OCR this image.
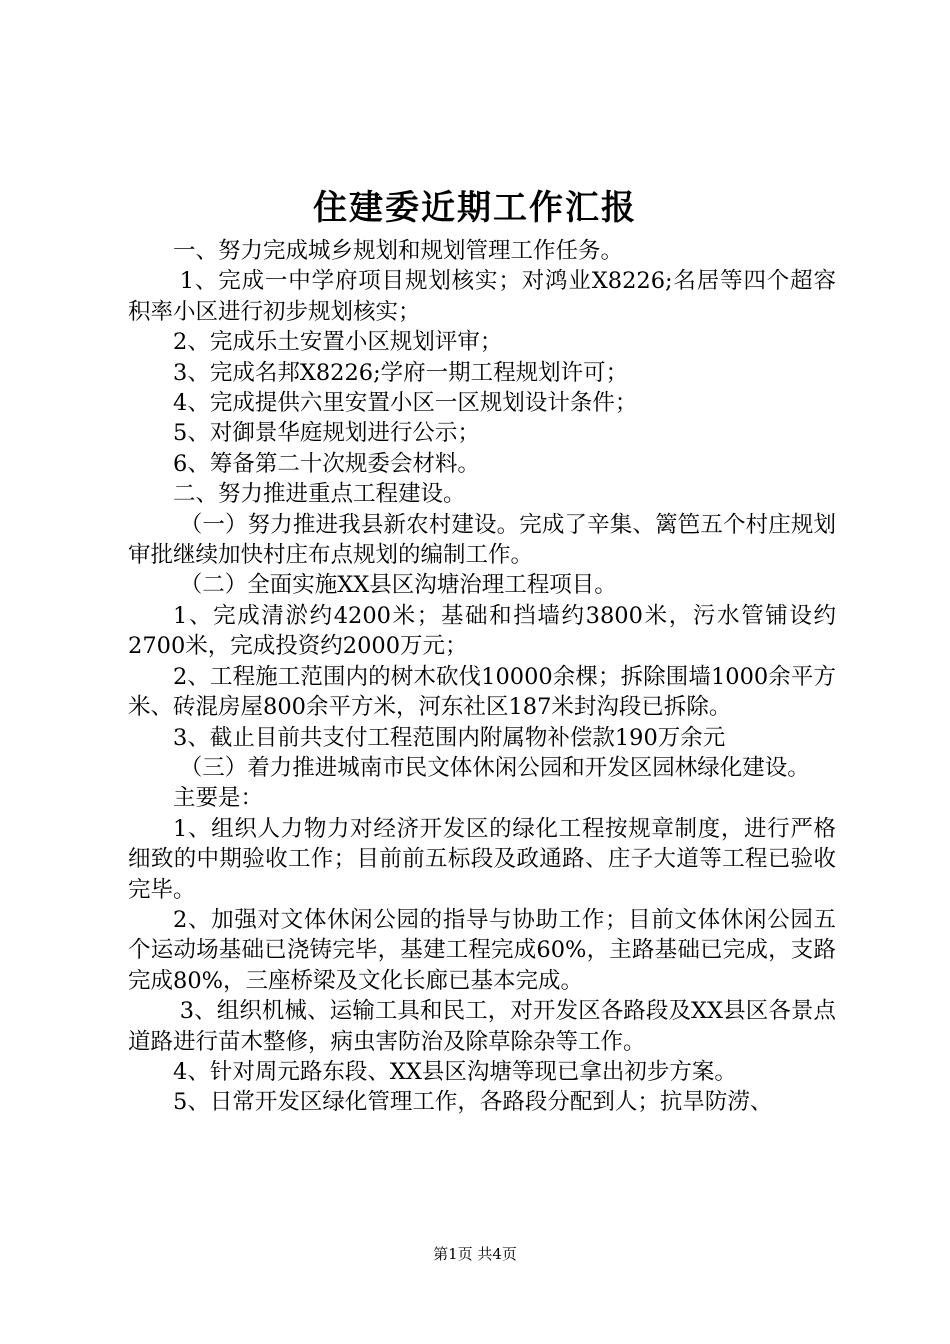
住建委近期工作汇报

一、努力完成城乡规划和规划管理工作任务。

1、完成一中学府项目规划核实；对鸿业X8226;名居等四个超容积率小区进行初步规划核实；

2、完成乐土安置小区规划评审；

3、完成名邦X8226;学府一期工程规划许可；

4、完成提供六里安置小区一区规划设计条件；

5、对御景华庭规划进行公示；

6、筹备第二十次规委会材料。

二、努力推进重点工程建设。

（一）努力推进我县新农村建设。完成了辛集、篱笆五个村庄规划审批继续加快村庄布点规划的编制工作。

（二）全面实施XX县区沟塘治理工程项目。

1、完成清淤约4200米；基础和挡墙约3800米，污水管铺设约2700米，完成投资约2000万元；

2、工程施工范围内的树木砍伐10000余棵；拆除围墙1000余平方米、砖混房屋800余平方米，河东社区187米封沟段已拆除。

3、截止目前共支付工程范围内附属物补偿款190万余元

（三）着力推进城南市民文体休闲公园和开发区园林绿化建设。

主要是：

1、组织人力物力对经济开发区的绿化工程按规章制度，进行严格细致的中期验收工作；目前前五标段及政通路、庄子大道等工程已验收完毕。

2、加强对文体休闲公园的指导与协助工作；目前文体休闲公园五个运动场基础已浇铸完毕，基建工程完成60%，主路基础已完成，支路完成80%，三座桥梁及文化长廊已基本完成。

3、组织机械、运输工具和民工，对开发区各路段及XX县区各景点道路进行苗木整修，病虫害防治及除草除杂等工作。

4、针对周元路东段、XX县区沟塘等现已拿出初步方案。

5、日常开发区绿化管理工作，各路段分配到人；抗旱防涝、

第1页 共4页
